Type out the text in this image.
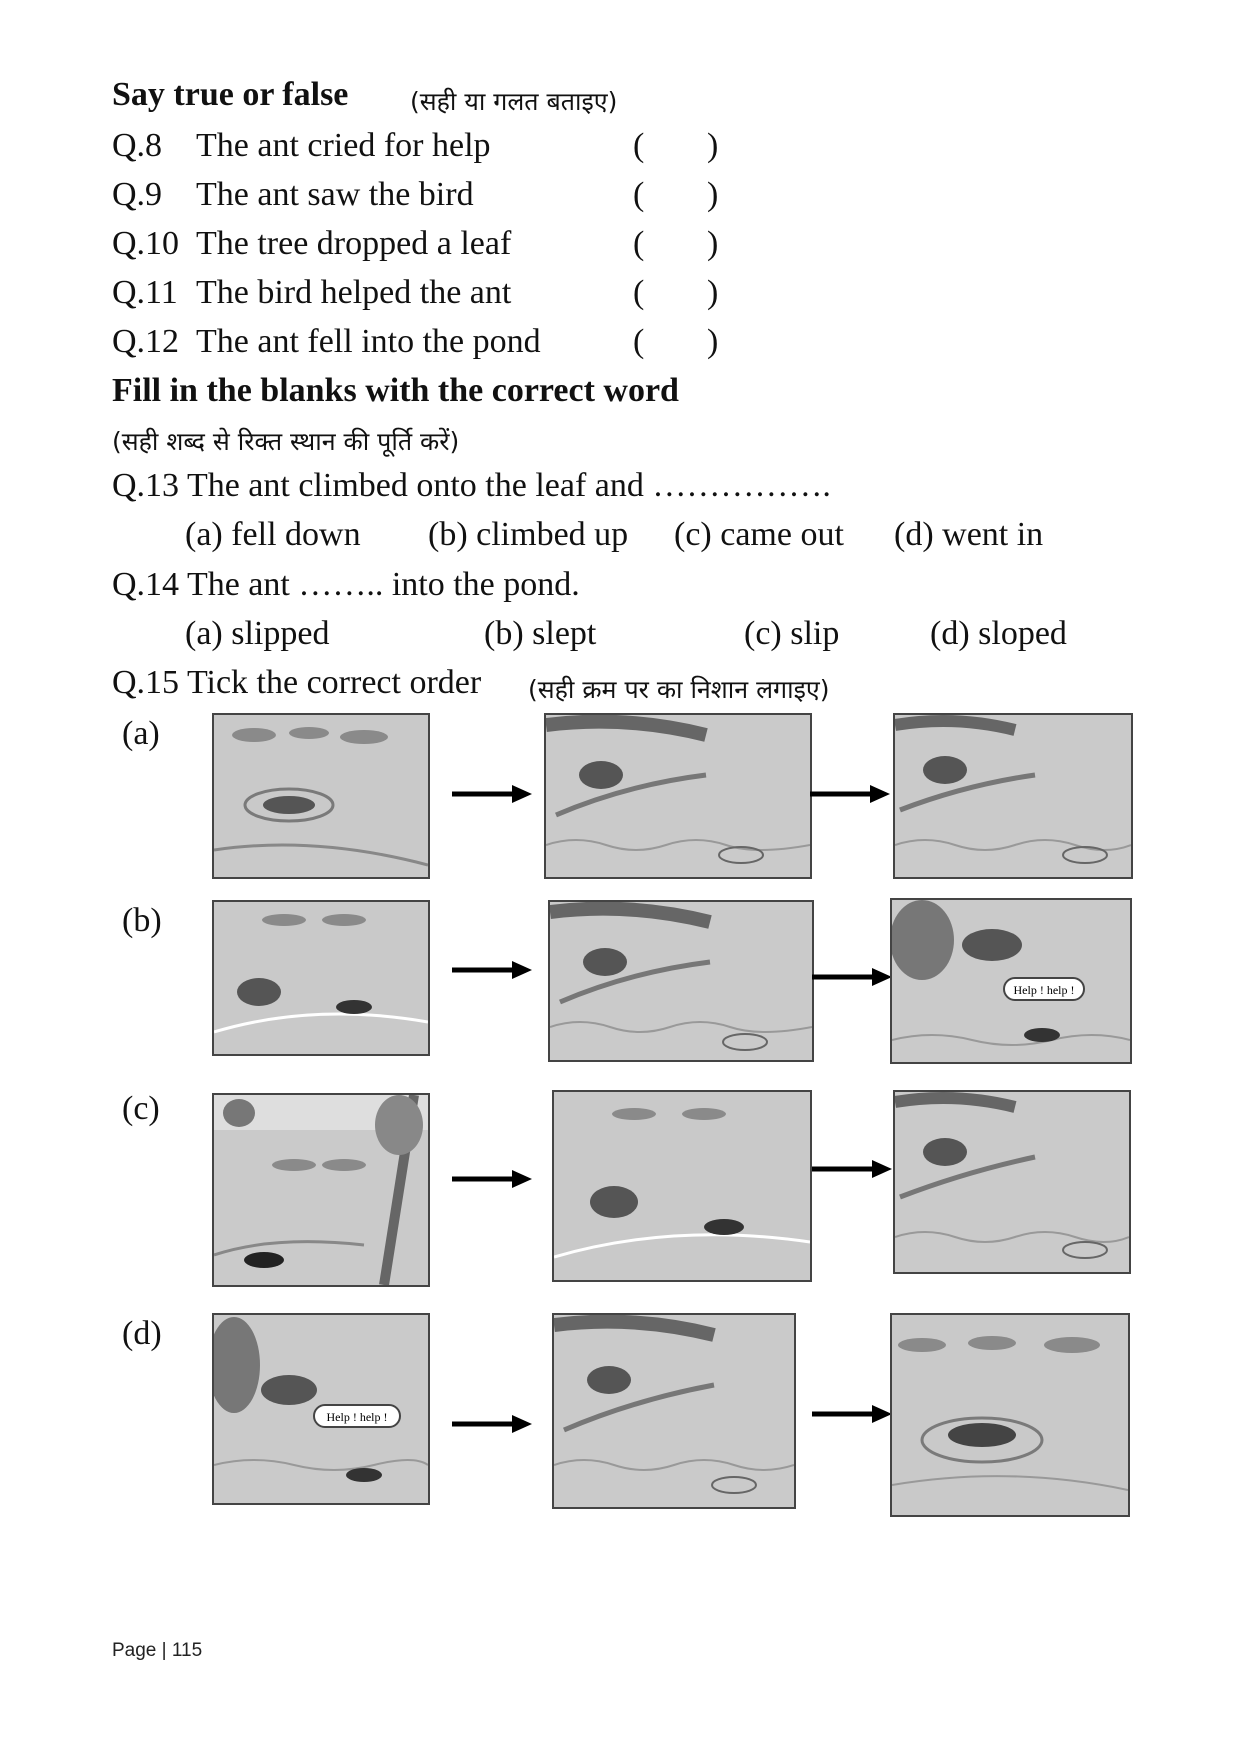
Say true or false (सही या गलत बताइए)
Q.8 The ant cried for help	( )
Q.9 The ant saw the bird	( )
Q.10 The tree dropped a leaf	( )
Q.11 The bird helped the ant	( )
Q.12 The ant fell into the pond	( )
Fill in the blanks with the correct word
(सही शब्द से रिक्त स्थान की पूर्ति करें)
Q.13 The ant climbed onto the leaf and …………….
(a) fell down (b) climbed up (c) came out (d) went in
Q.14 The ant …….. into the pond.
(a) slipped	(b) slept	(c) slip	(d) sloped
Q.15 Tick the correct order (सही क्रम पर का निशान लगाइए)
(a)
(b)
Help ! help !
(c)
(d)
Help ! help !
Page | 115
